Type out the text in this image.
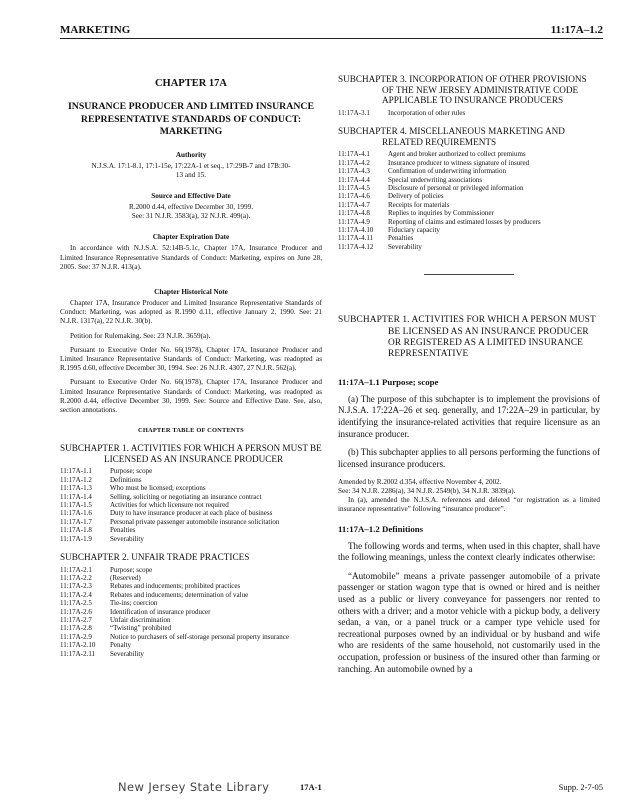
MARKETING	11:17A–1.2
CHAPTER 17A
INSURANCE PRODUCER AND LIMITED INSURANCE REPRESENTATIVE STANDARDS OF CONDUCT: MARKETING
Authority
N.J.S.A. 17:1-8.1, 17:1-15e, 17:22A-1 et seq., 17:29B-7 and 17B:30-13 and 15.
Source and Effective Date
R.2000 d.44, effective December 30, 1999.
See: 31 N.J.R. 3583(a), 32 N.J.R. 499(a).
Chapter Expiration Date
In accordance with N.J.S.A. 52:14B-5.1c, Chapter 17A, Insurance Producer and Limited Insurance Representative Standards of Conduct: Marketing, expires on June 28, 2005. See: 37 N.J.R. 413(a).
Chapter Historical Note
Chapter 17A, Insurance Producer and Limited Insurance Representative Standards of Conduct: Marketing, was adopted as R.1990 d.11, effective January 2, 1990. See: 21 N.J.R. 1317(a), 22 N.J.R. 30(b).
Petition for Rulemaking. See: 23 N.J.R. 3659(a).
Pursuant to Executive Order No. 66(1978), Chapter 17A, Insurance Producer and Limited Insurance Representative Standards of Conduct: Marketing, was readopted as R.1995 d.60, effective December 30, 1994. See: 26 N.J.R. 4307, 27 N.J.R. 562(a).
Pursuant to Executive Order No. 66(1978), Chapter 17A, Insurance Producer and Limited Insurance Representative Standards of Conduct: Marketing, was readopted as R.2000 d.44, effective December 30, 1999. See: Source and Effective Date. See, also, section annotations.
CHAPTER TABLE OF CONTENTS
SUBCHAPTER 1. ACTIVITIES FOR WHICH A PERSON MUST BE LICENSED AS AN INSURANCE PRODUCER
11:17A-1.1	Purpose; scope
11:17A-1.2	Definitions
11:17A-1.3	Who must be licensed; exceptions
11:17A-1.4	Selling, soliciting or negotiating an insurance contract
11:17A-1.5	Activities for which licensure not required
11:17A-1.6	Duty to have insurance producer at each place of business
11:17A-1.7	Personal private passenger automobile insurance solicitation
11:17A-1.8	Penalties
11:17A-1.9	Severability
SUBCHAPTER 2. UNFAIR TRADE PRACTICES
11:17A-2.1	Purpose; scope
11:17A-2.2	(Reserved)
11:17A-2.3	Rebates and inducements; prohibited practices
11:17A-2.4	Rebates and inducements; determination of value
11:17A-2.5	Tie-ins; coercion
11:17A-2.6	Identification of insurance producer
11:17A-2.7	Unfair discrimination
11:17A-2.8	“Twisting” prohibited
11:17A-2.9	Notice to purchasers of self-storage personal property insurance
11:17A-2.10	Penalty
11:17A-2.11	Severability
SUBCHAPTER 3. INCORPORATION OF OTHER PROVISIONS OF THE NEW JERSEY ADMINISTRATIVE CODE APPLICABLE TO INSURANCE PRODUCERS
11:17A-3.1	Incorporation of other rules
SUBCHAPTER 4. MISCELLANEOUS MARKETING AND RELATED REQUIREMENTS
11:17A-4.1	Agent and broker authorized to collect premiums
11:17A-4.2	Insurance producer to witness signature of insured
11:17A-4.3	Confirmation of underwriting information
11:17A-4.4	Special underwriting associations
11:17A-4.5	Disclosure of personal or privileged information
11:17A-4.6	Delivery of policies
11:17A-4.7	Receipts for materials
11:17A-4.8	Replies to inquiries by Commissioner
11:17A-4.9	Reporting of claims and estimated losses by producers
11:17A-4.10	Fiduciary capacity
11:17A-4.11	Penalties
11:17A-4.12	Severability
SUBCHAPTER 1. ACTIVITIES FOR WHICH A PERSON MUST BE LICENSED AS AN INSURANCE PRODUCER OR REGISTERED AS A LIMITED INSURANCE REPRESENTATIVE
11:17A–1.1 Purpose; scope
(a) The purpose of this subchapter is to implement the provisions of N.J.S.A. 17:22A–26 et seq. generally, and 17:22A–29 in particular, by identifying the insurance-related activities that require licensure as an insurance producer.
(b) This subchapter applies to all persons performing the functions of licensed insurance producers.
Amended by R.2002 d.354, effective November 4, 2002.
See: 34 N.J.R. 2286(a), 34 N.J.R. 2549(b), 34 N.J.R. 3839(a).
In (a), amended the N.J.S.A. references and deleted “or registration as a limited insurance representative” following “insurance producer”.
11:17A–1.2 Definitions
The following words and terms, when used in this chapter, shall have the following meanings, unless the context clearly indicates otherwise:
“Automobile” means a private passenger automobile of a private passenger or station wagon type that is owned or hired and is neither used as a public or livery conveyance for passengers nor rented to others with a driver; and a motor vehicle with a pickup body, a delivery sedan, a van, or a panel truck or a camper type vehicle used for recreational purposes owned by an individual or by husband and wife who are residents of the same household, not customarily used in the occupation, profession or business of the insured other than farming or ranching. An automobile owned by a
New Jersey State Library	17A-1	Supp. 2-7-05
